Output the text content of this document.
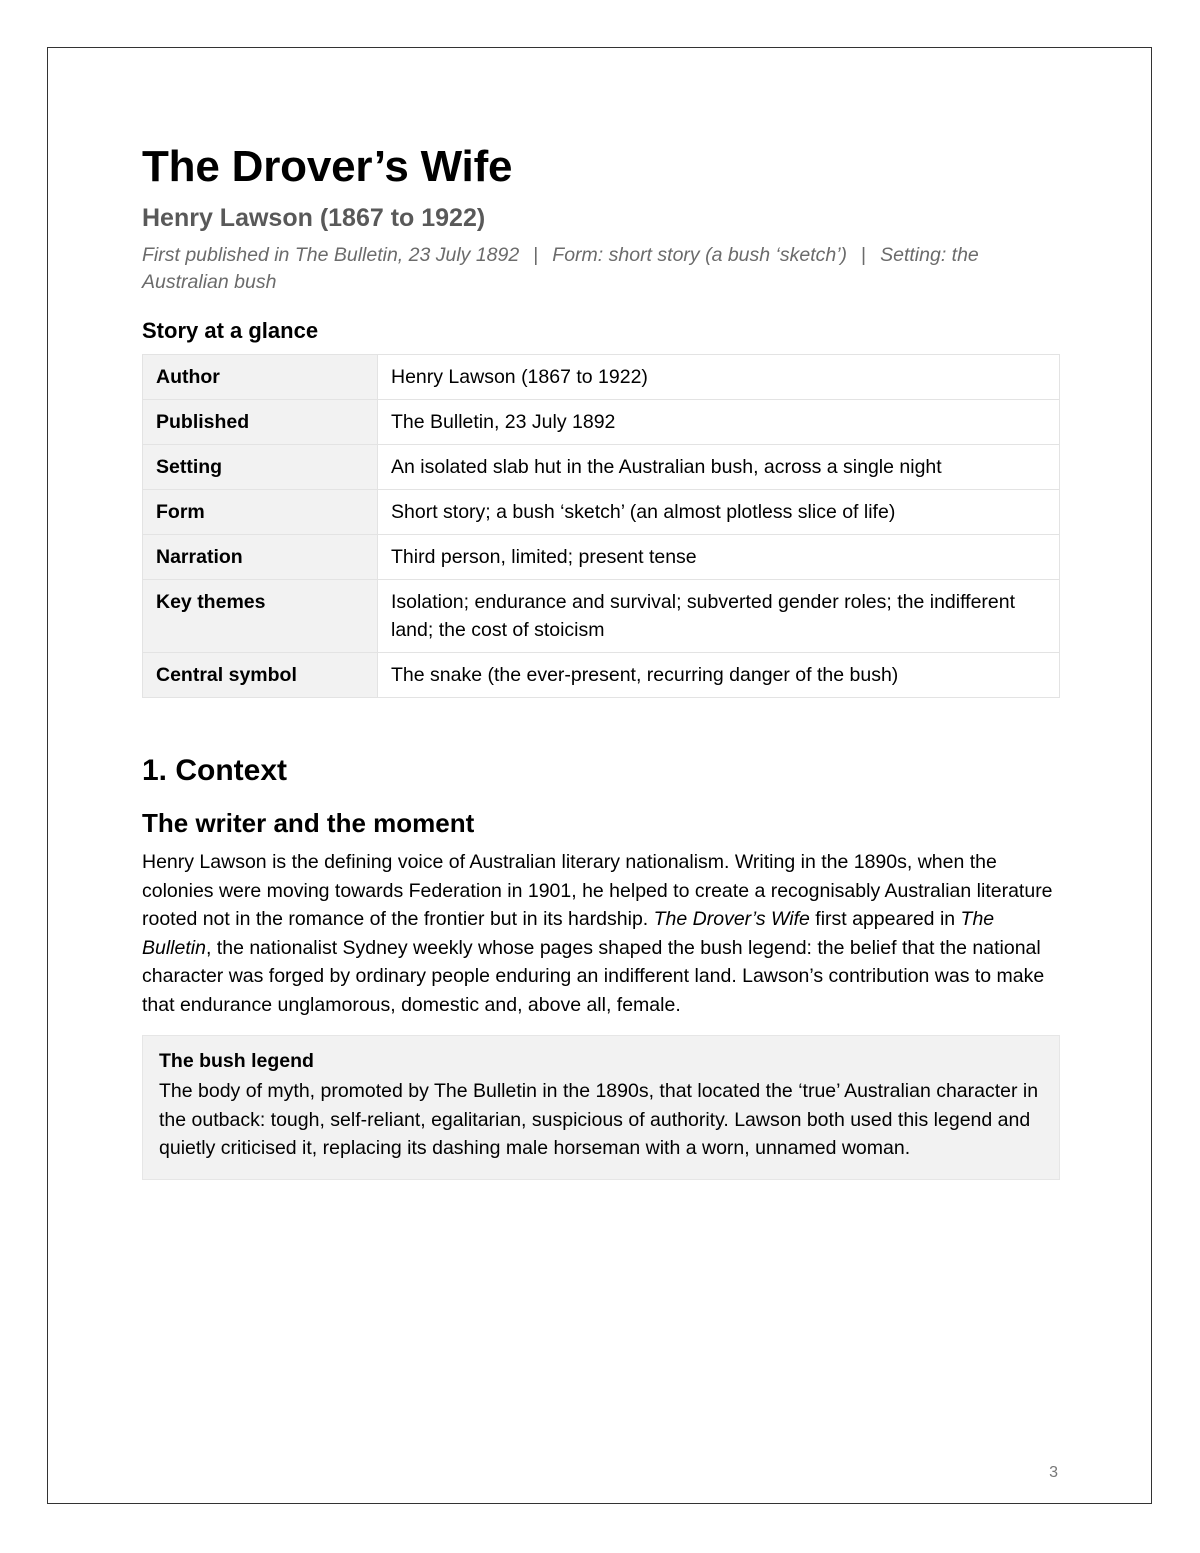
The Drover’s Wife
Henry Lawson (1867 to 1922)
First published in The Bulletin, 23 July 1892 | Form: short story (a bush ‘sketch’) | Setting: the Australian bush
Story at a glance
Author	Henry Lawson (1867 to 1922)
Published	The Bulletin, 23 July 1892
Setting	An isolated slab hut in the Australian bush, across a single night
Form	Short story; a bush ‘sketch’ (an almost plotless slice of life)
Narration	Third person, limited; present tense
Key themes	Isolation; endurance and survival; subverted gender roles; the indifferent land; the cost of stoicism
Central symbol	The snake (the ever-present, recurring danger of the bush)
1. Context
The writer and the moment

Henry Lawson is the defining voice of Australian literary nationalism. Writing in the 1890s, when the colonies were moving towards Federation in 1901, he helped to create a recognisably Australian literature rooted not in the romance of the frontier but in its hardship. The Drover’s Wife first appeared in The Bulletin, the nationalist Sydney weekly whose pages shaped the bush legend: the belief that the national character was forged by ordinary people enduring an indifferent land. Lawson’s contribution was to make that endurance unglamorous, domestic and, above all, female.

The bush legend
The body of myth, promoted by The Bulletin in the 1890s, that located the ‘true’ Australian character in the outback: tough, self-reliant, egalitarian, suspicious of authority. Lawson both used this legend and quietly criticised it, replacing its dashing male horseman with a worn, unnamed woman.
3
